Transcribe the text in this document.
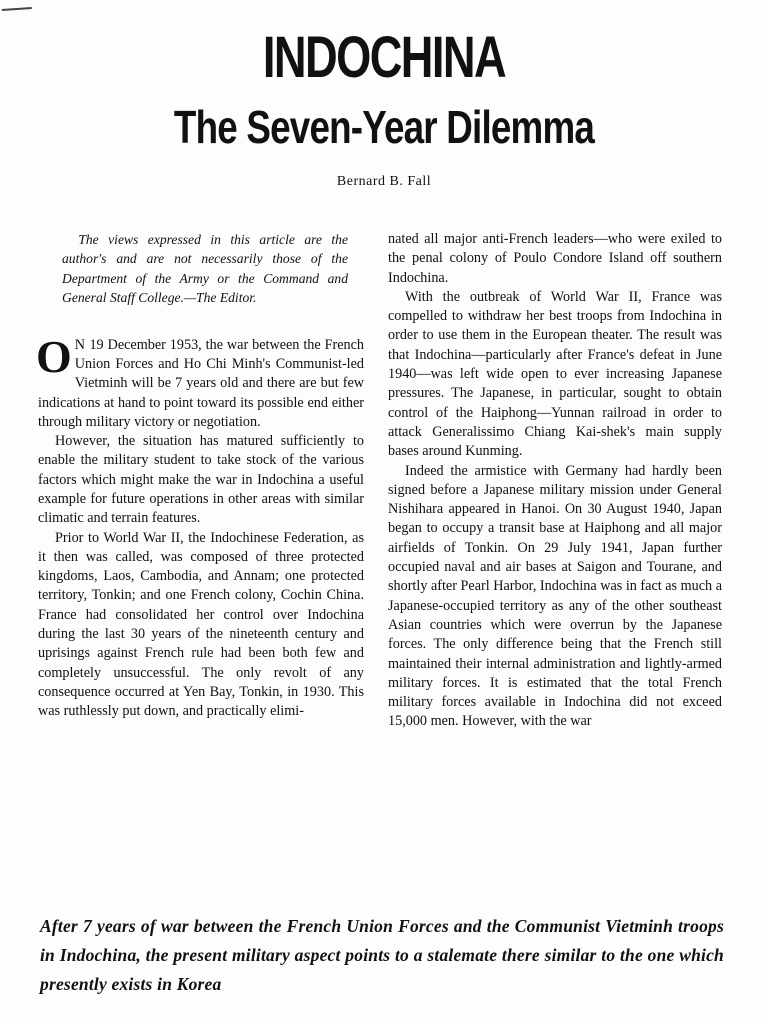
INDOCHINA
The Seven-Year Dilemma
Bernard B. Fall

The views expressed in this article are the author's and are not necessarily those of the Department of the Army or the Command and General Staff College.—The Editor.

O N 19 December 1953, the war between the French Union Forces and Ho Chi Minh's Communist-led Vietminh will be 7 years old and there are but few indications at hand to point toward its possible end either through military victory or negotiation.

However, the situation has matured sufficiently to enable the military student to take stock of the various factors which might make the war in Indochina a useful example for future operations in other areas with similar climatic and terrain features.

Prior to World War II, the Indochinese Federation, as it then was called, was composed of three protected kingdoms, Laos, Cambodia, and Annam; one protected territory, Tonkin; and one French colony, Cochin China. France had consolidated her control over Indochina during the last 30 years of the nineteenth century and uprisings against French rule had been both few and completely unsuccessful. The only revolt of any consequence occurred at Yen Bay, Tonkin, in 1930. This was ruthlessly put down, and practically elimi-

nated all major anti-French leaders—who were exiled to the penal colony of Poulo Condore Island off southern Indochina.

With the outbreak of World War II, France was compelled to withdraw her best troops from Indochina in order to use them in the European theater. The result was that Indochina—particularly after France's defeat in June 1940—was left wide open to ever increasing Japanese pressures. The Japanese, in particular, sought to obtain control of the Haiphong—Yunnan railroad in order to attack Generalissimo Chiang Kai-shek's main supply bases around Kunming.

Indeed the armistice with Germany had hardly been signed before a Japanese military mission under General Nishihara appeared in Hanoi. On 30 August 1940, Japan began to occupy a transit base at Haiphong and all major airfields of Tonkin. On 29 July 1941, Japan further occupied naval and air bases at Saigon and Tourane, and shortly after Pearl Harbor, Indochina was in fact as much a Japanese-occupied territory as any of the other southeast Asian countries which were overrun by the Japanese forces. The only difference being that the French still maintained their internal administration and lightly-armed military forces. It is estimated that the total French military forces available in Indochina did not exceed 15,000 men. However, with the war

After 7 years of war between the French Union Forces and the Communist Vietminh troops in Indochina, the present military aspect points to a stalemate there similar to the one which presently exists in Korea
